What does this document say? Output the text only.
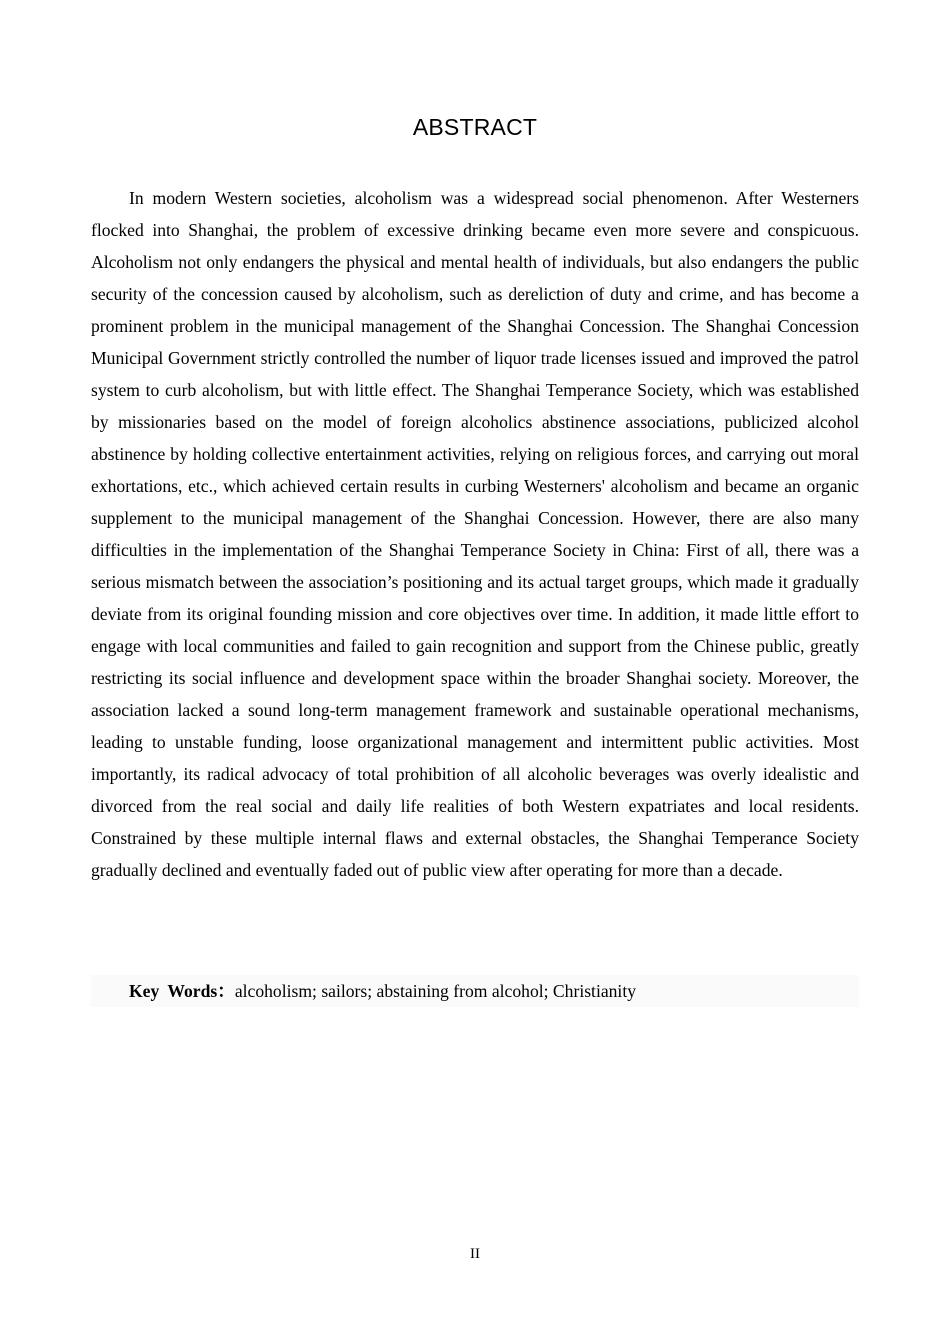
ABSTRACT

In modern Western societies, alcoholism was a widespread social phenomenon. After Westerners flocked into Shanghai, the problem of excessive drinking became even more severe and conspicuous. Alcoholism not only endangers the physical and mental health of individuals, but also endangers the public security of the concession caused by alcoholism, such as dereliction of duty and crime, and has become a prominent problem in the municipal management of the Shanghai Concession. The Shanghai Concession Municipal Government strictly controlled the number of liquor trade licenses issued and improved the patrol system to curb alcoholism, but with little effect. The Shanghai Temperance Society, which was established by missionaries based on the model of foreign alcoholics abstinence associations, publicized alcohol abstinence by holding collective entertainment activities, relying on religious forces, and carrying out moral exhortations, etc., which achieved certain results in curbing Westerners' alcoholism and became an organic supplement to the municipal management of the Shanghai Concession. However, there are also many difficulties in the implementation of the Shanghai Temperance Society in China: First of all, there was a serious mismatch between the association’s positioning and its actual target groups, which made it gradually deviate from its original founding mission and core objectives over time. In addition, it made little effort to engage with local communities and failed to gain recognition and support from the Chinese public, greatly restricting its social influence and development space within the broader Shanghai society. Moreover, the association lacked a sound long-term management framework and sustainable operational mechanisms, leading to unstable funding, loose organizational management and intermittent public activities. Most importantly, its radical advocacy of total prohibition of all alcoholic beverages was overly idealistic and divorced from the real social and daily life realities of both Western expatriates and local residents. Constrained by these multiple internal flaws and external obstacles, the Shanghai Temperance Society gradually declined and eventually faded out of public view after operating for more than a decade.

Key Words：alcoholism; sailors; abstaining from alcohol; Christianity
II
